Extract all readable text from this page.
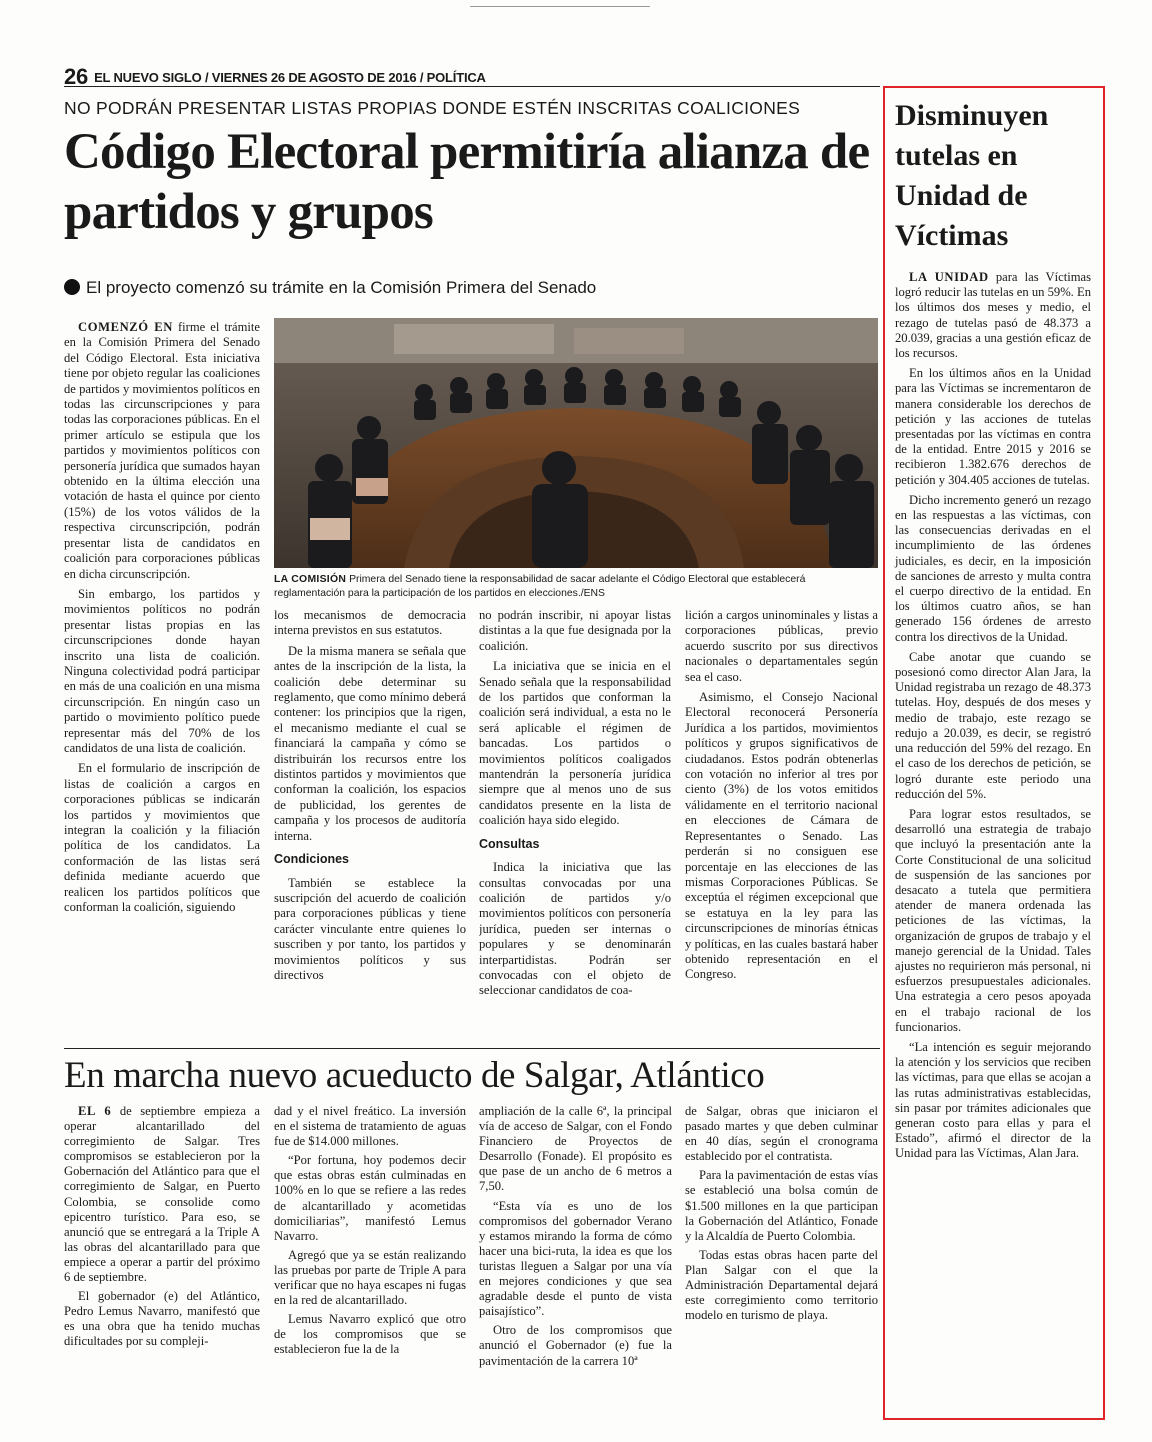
26 EL NUEVO SIGLO / VIERNES 26 DE AGOSTO DE 2016 / POLÍTICA
NO PODRÁN PRESENTAR LISTAS PROPIAS DONDE ESTÉN INSCRITAS COALICIONES
Código Electoral permitiría alianza de partidos y grupos
El proyecto comenzó su trámite en la Comisión Primera del Senado

COMENZÓ EN firme el trámite en la Comisión Primera del Senado del Código Electoral. Esta iniciativa tiene por objeto regular las coaliciones de partidos y movimientos políticos en todas las circunscripciones y para todas las corporaciones públicas. En el primer artículo se estipula que los partidos y movimientos políticos con personería jurídica que sumados hayan obtenido en la última elección una votación de hasta el quince por ciento (15%) de los votos válidos de la respectiva circunscripción, podrán presentar lista de candidatos en coalición para corporaciones públicas en dicha circunscripción.

Sin embargo, los partidos y movimientos políticos no podrán presentar listas propias en las circunscripciones donde hayan inscrito una lista de coalición. Ninguna colectividad podrá participar en más de una coalición en una misma circunscripción. En ningún caso un partido o movimiento político puede representar más del 70% de los candidatos de una lista de coalición.

En el formulario de inscripción de listas de coalición a cargos en corporaciones públicas se indicarán los partidos y movimientos que integran la coalición y la filiación política de los candidatos. La conformación de las listas será definida mediante acuerdo que realicen los partidos políticos que conforman la coalición, siguiendo

LA COMISIÓN Primera del Senado tiene la responsabilidad de sacar adelante el Código Electoral que establecerá reglamentación para la participación de los partidos en elecciones./ENS

los mecanismos de democracia interna previstos en sus estatutos.

De la misma manera se señala que antes de la inscripción de la lista, la coalición debe determinar su reglamento, que como mínimo deberá contener: los principios que la rigen, el mecanismo mediante el cual se financiará la campaña y cómo se distribuirán los recursos entre los distintos partidos y movimientos que conforman la coalición, los espacios de publicidad, los gerentes de campaña y los procesos de auditoría interna.

Condiciones

También se establece la suscripción del acuerdo de coalición para corporaciones públicas y tiene carácter vinculante entre quienes lo suscriben y por tanto, los partidos y movimientos políticos y sus directivos

no podrán inscribir, ni apoyar listas distintas a la que fue designada por la coalición.

La iniciativa que se inicia en el Senado señala que la responsabilidad de los partidos que conforman la coalición será individual, a esta no le será aplicable el régimen de bancadas. Los partidos o movimientos políticos coaligados mantendrán la personería jurídica siempre que al menos uno de sus candidatos presente en la lista de coalición haya sido elegido.

Consultas

Indica la iniciativa que las consultas convocadas por una coalición de partidos y/o movimientos políticos con personería jurídica, pueden ser internas o populares y se denominarán interpartidistas. Podrán ser convocadas con el objeto de seleccionar candidatos de coa-

lición a cargos uninominales y listas a corporaciones públicas, previo acuerdo suscrito por sus directivos nacionales o departamentales según sea el caso.

Asimismo, el Consejo Nacional Electoral reconocerá Personería Jurídica a los partidos, movimientos políticos y grupos significativos de ciudadanos. Estos podrán obtenerlas con votación no inferior al tres por ciento (3%) de los votos emitidos válidamente en el territorio nacional en elecciones de Cámara de Representantes o Senado. Las perderán si no consiguen ese porcentaje en las elecciones de las mismas Corporaciones Públicas. Se exceptúa el régimen excepcional que se estatuya en la ley para las circunscripciones de minorías étnicas y políticas, en las cuales bastará haber obtenido representación en el Congreso.

En marcha nuevo acueducto de Salgar, Atlántico

EL 6 de septiembre empieza a operar alcantarillado del corregimiento de Salgar. Tres compromisos se establecieron por la Gobernación del Atlántico para que el corregimiento de Salgar, en Puerto Colombia, se consolide como epicentro turístico. Para eso, se anunció que se entregará a la Triple A las obras del alcantarillado para que empiece a operar a partir del próximo 6 de septiembre.

El gobernador (e) del Atlántico, Pedro Lemus Navarro, manifestó que es una obra que ha tenido muchas dificultades por su compleji-

dad y el nivel freático. La inversión en el sistema de tratamiento de aguas fue de $14.000 millones.

“Por fortuna, hoy podemos decir que estas obras están culminadas en 100% en lo que se refiere a las redes de alcantarillado y acometidas domiciliarias”, manifestó Lemus Navarro.

Agregó que ya se están realizando las pruebas por parte de Triple A para verificar que no haya escapes ni fugas en la red de alcantarillado.

Lemus Navarro explicó que otro de los compromisos que se establecieron fue la de la

ampliación de la calle 6ª, la principal vía de acceso de Salgar, con el Fondo Financiero de Proyectos de Desarrollo (Fonade). El propósito es que pase de un ancho de 6 metros a 7,50.

“Esta vía es uno de los compromisos del gobernador Verano y estamos mirando la forma de cómo hacer una bici-ruta, la idea es que los turistas lleguen a Salgar por una vía en mejores condiciones y que sea agradable desde el punto de vista paisajístico”.

Otro de los compromisos que anunció el Gobernador (e) fue la pavimentación de la carrera 10ª

de Salgar, obras que iniciaron el pasado martes y que deben culminar en 40 días, según el cronograma establecido por el contratista.

Para la pavimentación de estas vías se estableció una bolsa común de $1.500 millones en la que participan la Gobernación del Atlántico, Fonade y la Alcaldía de Puerto Colombia.

Todas estas obras hacen parte del Plan Salgar con el que la Administración Departamental dejará este corregimiento como territorio modelo en turismo de playa.

Disminuyen tutelas en Unidad de Víctimas

LA UNIDAD para las Víctimas logró reducir las tutelas en un 59%. En los últimos dos meses y medio, el rezago de tutelas pasó de 48.373 a 20.039, gracias a una gestión eficaz de los recursos.

En los últimos años en la Unidad para las Víctimas se incrementaron de manera considerable los derechos de petición y las acciones de tutelas presentadas por las víctimas en contra de la entidad. Entre 2015 y 2016 se recibieron 1.382.676 derechos de petición y 304.405 acciones de tutelas.

Dicho incremento generó un rezago en las respuestas a las víctimas, con las consecuencias derivadas en el incumplimiento de las órdenes judiciales, es decir, en la imposición de sanciones de arresto y multa contra el cuerpo directivo de la entidad. En los últimos cuatro años, se han generado 156 órdenes de arresto contra los directivos de la Unidad.

Cabe anotar que cuando se posesionó como director Alan Jara, la Unidad registraba un rezago de 48.373 tutelas. Hoy, después de dos meses y medio de trabajo, este rezago se redujo a 20.039, es decir, se registró una reducción del 59% del rezago. En el caso de los derechos de petición, se logró durante este periodo una reducción del 5%.

Para lograr estos resultados, se desarrolló una estrategia de trabajo que incluyó la presentación ante la Corte Constitucional de una solicitud de suspensión de las sanciones por desacato a tutela que permitiera atender de manera ordenada las peticiones de las víctimas, la organización de grupos de trabajo y el manejo gerencial de la Unidad. Tales ajustes no requirieron más personal, ni esfuerzos presupuestales adicionales. Una estrategia a cero pesos apoyada en el trabajo racional de los funcionarios.

“La intención es seguir mejorando la atención y los servicios que reciben las víctimas, para que ellas se acojan a las rutas administrativas establecidas, sin pasar por trámites adicionales que generan costo para ellas y para el Estado”, afirmó el director de la Unidad para las Víctimas, Alan Jara.
